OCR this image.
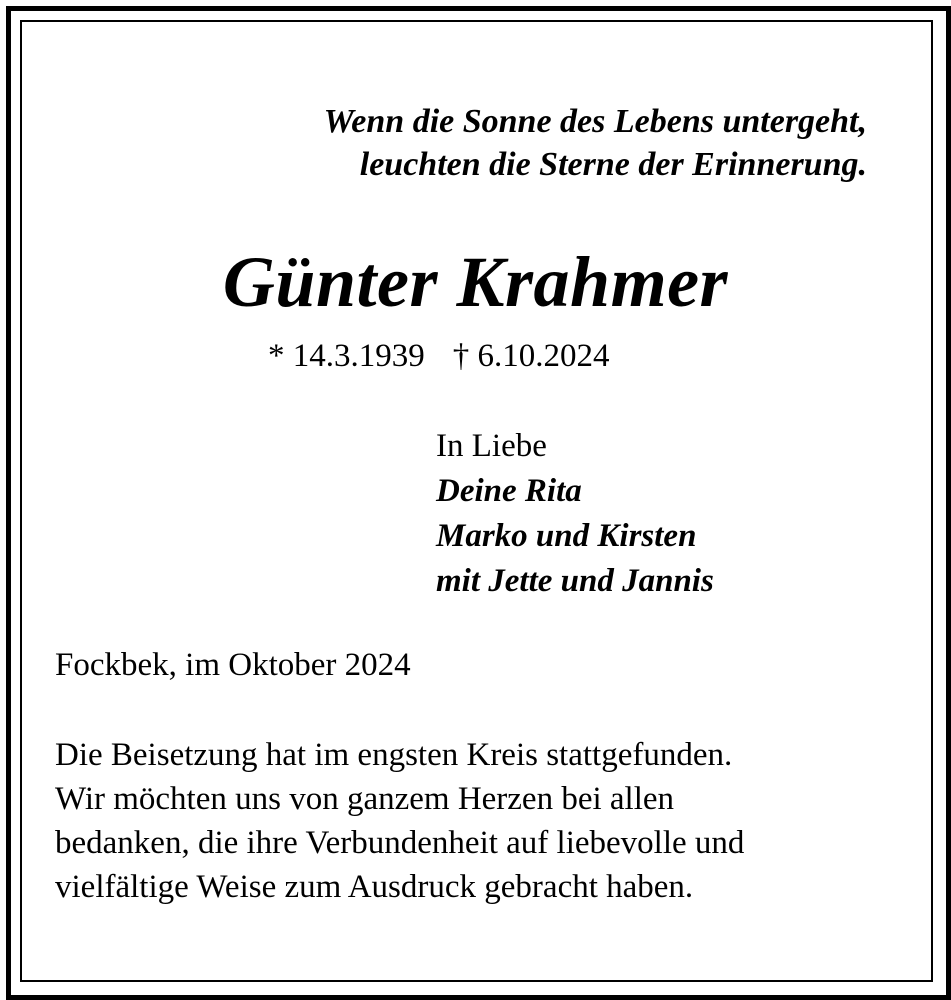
Wenn die Sonne des Lebens untergeht,
leuchten die Sterne der Erinnerung.
Günter Krahmer
* 14.3.1939 † 6.10.2024
In Liebe
Deine Rita
Marko und Kirsten
mit Jette und Jannis
Fockbek, im Oktober 2024
Die Beisetzung hat im engsten Kreis stattgefunden.
Wir möchten uns von ganzem Herzen bei allen
bedanken, die ihre Verbundenheit auf liebevolle und
vielfältige Weise zum Ausdruck gebracht haben.
